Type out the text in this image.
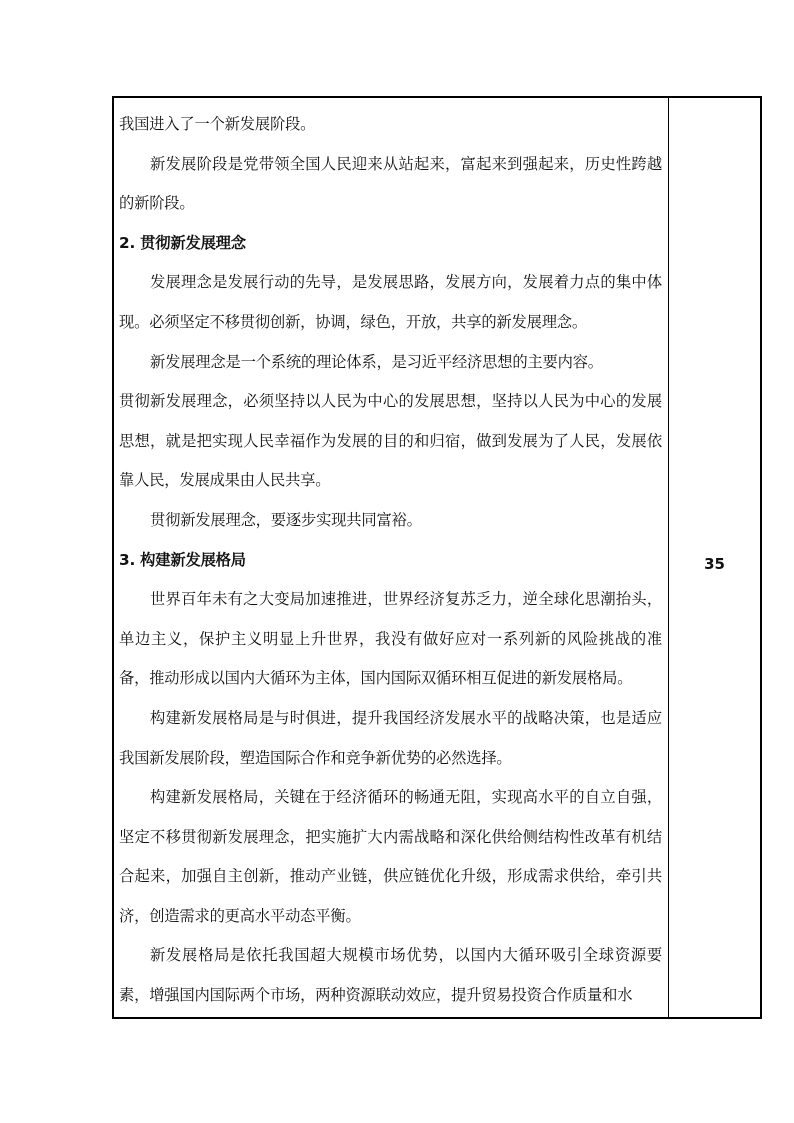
我国进入了一个新发展阶段。

新发展阶段是党带领全国人民迎来从站起来，富起来到强起来，历史性跨越的新阶段。

2. 贯彻新发展理念

发展理念是发展行动的先导，是发展思路，发展方向，发展着力点的集中体现。必须坚定不移贯彻创新，协调，绿色，开放，共享的新发展理念。

新发展理念是一个系统的理论体系，是习近平经济思想的主要内容。

贯彻新发展理念，必须坚持以人民为中心的发展思想，坚持以人民为中心的发展思想，就是把实现人民幸福作为发展的目的和归宿，做到发展为了人民，发展依靠人民，发展成果由人民共享。

贯彻新发展理念，要逐步实现共同富裕。

3. 构建新发展格局

世界百年未有之大变局加速推进，世界经济复苏乏力，逆全球化思潮抬头，单边主义，保护主义明显上升世界，我没有做好应对一系列新的风险挑战的准备，推动形成以国内大循环为主体，国内国际双循环相互促进的新发展格局。

构建新发展格局是与时俱进，提升我国经济发展水平的战略决策，也是适应我国新发展阶段，塑造国际合作和竞争新优势的必然选择。

构建新发展格局，关键在于经济循环的畅通无阻，实现高水平的自立自强，坚定不移贯彻新发展理念，把实施扩大内需战略和深化供给侧结构性改革有机结合起来，加强自主创新，推动产业链，供应链优化升级，形成需求供给，牵引共济，创造需求的更高水平动态平衡。

新发展格局是依托我国超大规模市场优势，以国内大循环吸引全球资源要素，增强国内国际两个市场，两种资源联动效应，提升贸易投资合作质量和水

35
